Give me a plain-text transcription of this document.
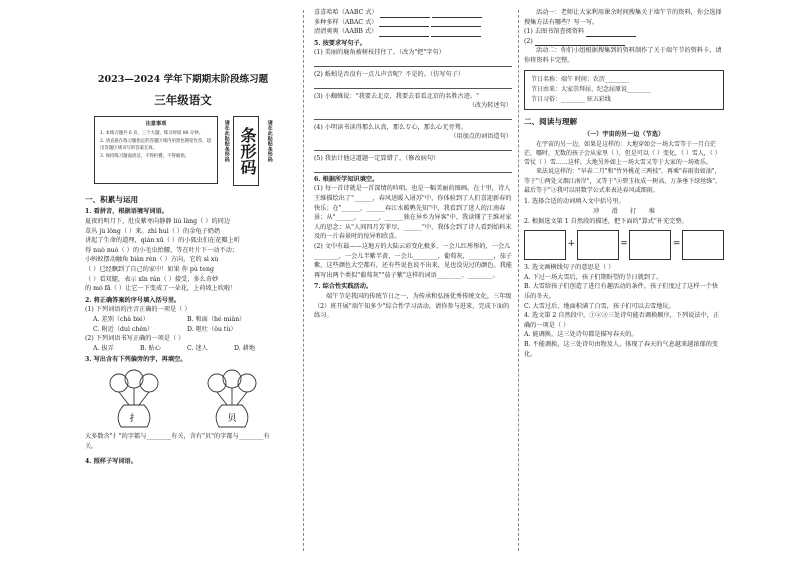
2023—2024 学年下期期末阶段练习题
三年级语文
注意事项
1. 本练习题共 6 页，三个大题，练习时间 80 分钟。
2. 请直接在练习题指定的答题区域内用黑色钢笔作答，超出答题区域书写的答案无效。
3. 保持练习题面清洁，不得折叠，不得破损。	请在此粘贴条形码 条形码	请在此粘贴条形码
一、积累与运用
1. 看拼音，根据语境写词语。
夏夜的明月下，肚皮紫枣向静静 liú làng（ ）的同边
草丛 jù lǒng（ ）来。zhì huì（ ）的金龟子奶奶
讲起了生命的道理，qián xū（ ）的小狐虫们在花瓣上听
得 nuò nuò（ ）的小毛虫抬腰，等在叶片下一动不动；
小蚂蚁摆动触角 biàn rèn（ ）方向，它的 sì xù
（ ）已经飘到了自己的家中！如果 你 pù teng
（ ）看双腿，表示 xīn rán（ ）接受，多么奇妙
的 mó fǎ（ ）让它一下变成了一朵花，上荷坡上吹啦！
2. 将正确答案的序号填入括号里。
(1) 下列词语的注音正确的一项是（ ）
A. 差别（chà bié）	B. 和面（hé miàn）
C. 附近（duì chén）	D. 呕吐（ǒu tù）
(2) 下列词语书写正确的一项是（ ）
A. 拔弄	B. 贴心	C. 迷人	D. 耕地
3. 写出含有下列偏旁的字，再填空。
扌	贝
大多数含"扌"的字都与________有关，含有"贝"的字都与________有关。
4. 照样子写词语。
喜喜哈哈（AABC 式）
多种多样（ABAC 式）
清清爽爽（AABB 式）
5. 按要求写句子。
(1) 美丽的鹿角被树枝挂住了。（改为"把"字句）
(2) 蚯蚓是否没有一点儿声音呢？不是的。（仿写句子）
(3) 小蜘蛛说："我要去北京，我要去看看北京的名胜古迹。"
（改为转述句）
(4) 小明读书读得那么认真，那么专心，那么心无旁骛。
（用加点的词语造句）
(5) 我估计他这道题一定算错了。（修改病句）
6. 根据所学知识填空。
(1) 每一首诗就是一首深情的吟唱，也是一幅美丽的图画。在十里，诗人王维描绘出了"______，春风送暖入屠苏"中，你体验到了人们喜迎新春的快乐；在"______，______春江水暖鸭先知"中，我看到了迷人的江南春景；从"______，______，______独在异乡为异客"中，我读懂了王维对家人的思念；从"人间四月芳菲尽，______"中，我体会到了诗人看到始料未及的一片春景时的惊异和欣喜。
(2) 文中有最——这地方的大陆云彩变化极多，一会儿红彤彤的，一会儿________，一会儿半紫半黄，一会儿________，葡萄灰，________，茄子紫，这些颜色大空都有，还有些说也说不出来，见也没见过的颜色。我能再写出两个类似"葡萄灰""茄子紫"这样的词语________、________。
7. 综合性实践活动。
端午节是我国的传统节日之一，为传承和弘扬优秀传统文化，三年级（2）班开展"端午知多少"综合性学习活动，请你参与进来，完成下面的练习。
活动一：老师让大家利用课余时间搜集关于端午节的资料，你会选择搜集方法有哪些？写一写。
(1) 去图书馆查阅资料
(2)
活动二：你们小组根据搜集到的资料制作了关于端午节的资料卡，请你将资料卡完整。
节日名称：端午 时间：农历________
节日由来：大家崇拜屈、纪念屈原说________
节日习俗：________ 驻五彩线
二、阅读与理解
（一）宇宙的另一边（节选）
在宇宙的另一边，如果是这样的：大地穿如会一场大雪等于一月白茫茫，哪时，无数的孩子会从家里（ ），但是可以（ ）变化，（ ）雪人，（ ）雪仗（ ）雪……这样，大地另外如上一场大雪又等于大家的一场欢乐。
来法说这样的："早春二月"和"竹外桃花三两枝"，再乘"春雨贵如油"，等于"①两处又烟江南岸"，又等于"②碧玉妆成一树高，万条垂下绿丝绦"，最后等于"③我可以用数学公式来表达春风或细雨。
1. 选择合适的动词填入文中括号里。
冲　　滑　　打　　堆
2. 根据选文第 1 自然段的描述，把下面的"算式"补充完整。
+	=	=
3. 选文画横线句子的意思是（ ）
A. 下过一场大雪后，孩子们期盼望的节日就到了。
B. 大雪给孩子们创造了进行有趣活动的条件，孩子们度过了这样一个快乐的冬天。
C. 大雪过后，地面积满了白雪，孩子们可以去雪地玩。
4. 选文第 2 自然段中，①②③三处诗句能否调换顺序，下列说法中，正确的一项是（ ）
A. 能调换，这三处诗句都是描写春天的。
B. 不能调换，这三处诗句由物及人，体现了春天的气息越来越浓郁的变化。
